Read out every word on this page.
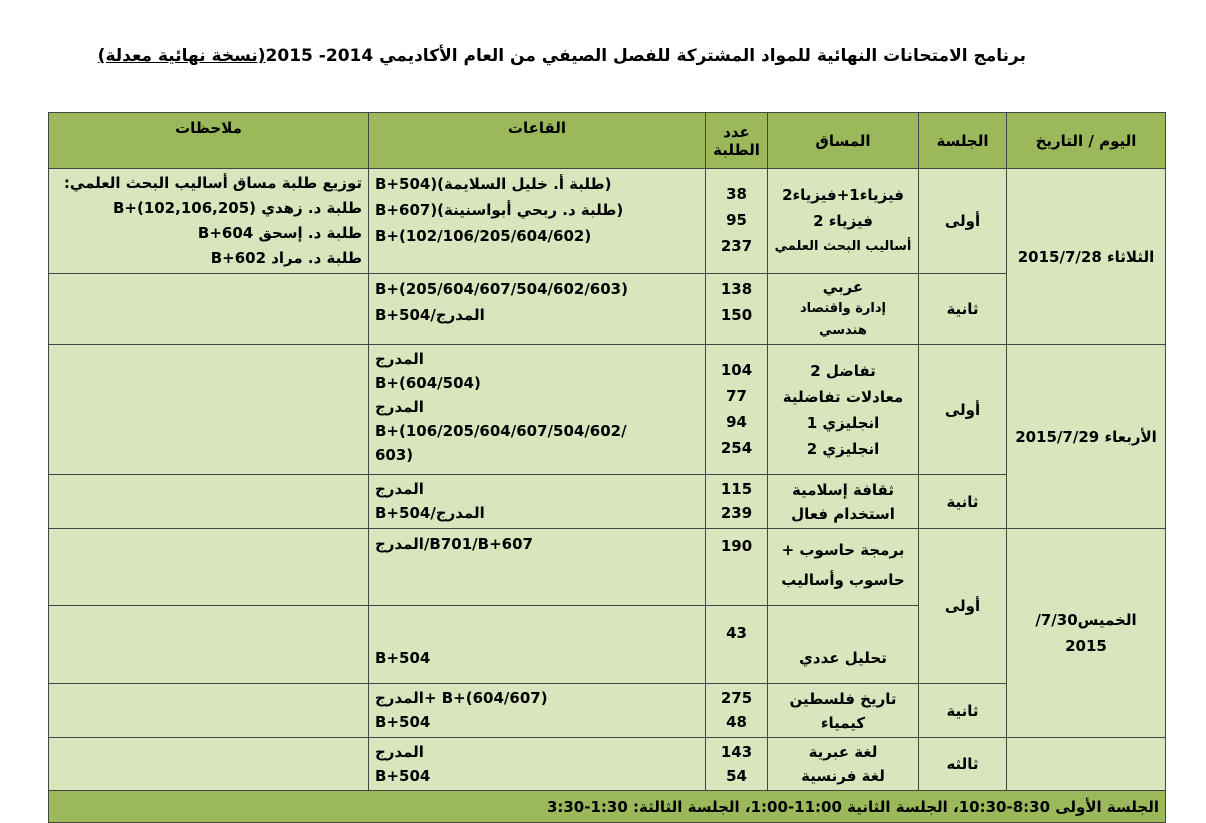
برنامج الامتحانات النهائية للمواد المشتركة للفصل الصيفي من العام الأكاديمي 2014- 2015(نسخة نهائية معدلة)
اليوم / التاريخ	الجلسة	المساق	عدد الطلبة	القاعات	ملاحظات
الثلاثاء 2015/7/28	أولى	فيزياء1+فيزياء2
فيزياء 2
أساليب البحث العلمي	38
95
237	(طلبة أ. خليل السلايمة)(B+504
(طلبة د. ربحي أبواسنينة)(B+607
B+(102/106/205/604/602)	توزيع طلبة مساق أساليب البحث العلمي:
طلبة د. زهدي (102,106,205)+B
طلبة د. إسحق B+604
طلبة د. مراد B+602

	ثانية	عربي
إدارة واقتصاد هندسي	138
150	B+(205/604/607/504/602/603)
المدرج/B+504	

الأربعاء 2015/7/29	أولى	تفاضل 2
معادلات تفاضلية
انجليزي 1
انجليزي 2	104
77
94
254	المدرج
B+(604/504)
المدرج
B+(106/205/604/607/504/602/
603)	

	ثانية	ثقافة إسلامية
استخدام فعال	115
239	المدرج
المدرج/B+504	

الخميس7/30/ 2015	أولى	برمجة حاسوب +
حاسوب وأساليب	190	B701/B+607/المدرج	

		تحليل عددي	43	B+504	

	ثانية	تاريخ فلسطين
كيمياء	275
48	B+(604/607) +المدرج
B+504	

	ثالثه	لغة عبرية
لغة فرنسية	143
54	المدرج
B+504	

الجلسة الأولى 8:30-10:30، الجلسة الثانية 11:00-1:00، الجلسة الثالثة: 1:30-3:30					
